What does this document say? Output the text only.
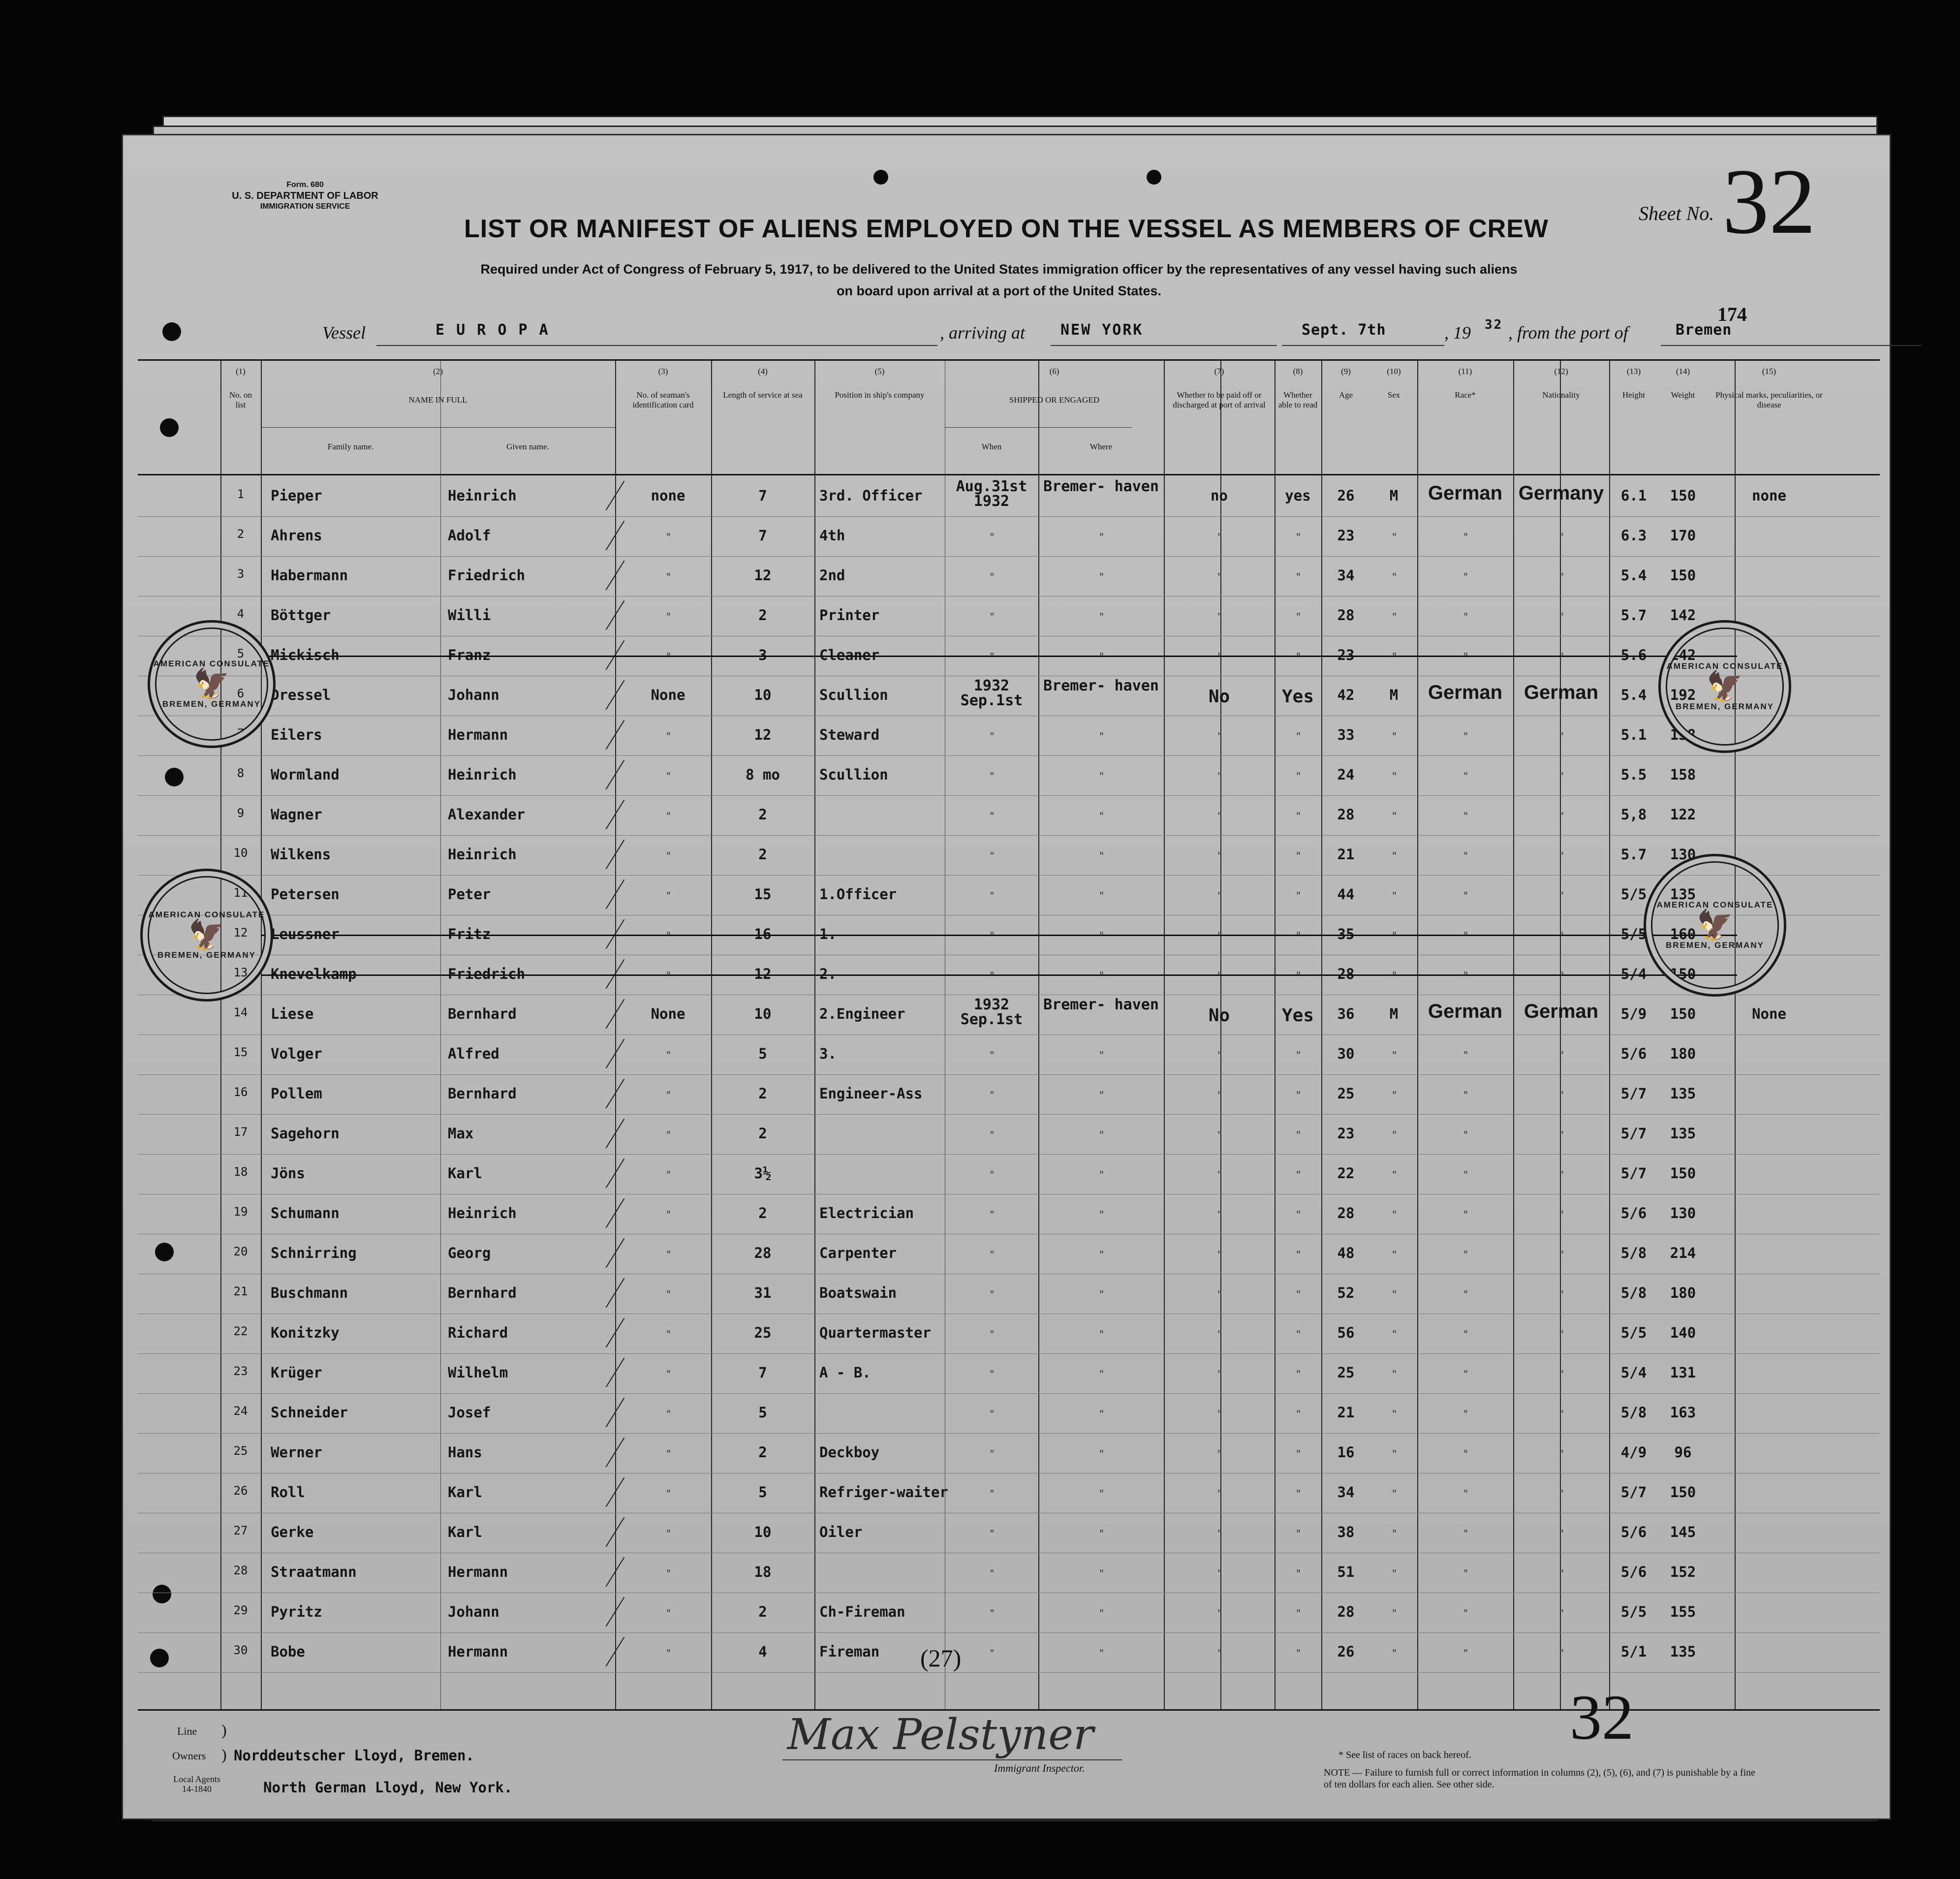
Form. 680
U. S. DEPARTMENT OF LABOR
IMMIGRATION SERVICE
LIST OR MANIFEST OF ALIENS EMPLOYED ON THE VESSEL AS MEMBERS OF CREW
Required under Act of Congress of February 5, 1917, to be delivered to the United States immigration officer by the representatives of any vessel having such aliens
on board upon arrival at a port of the United States.
Sheet No. 32
174
Vessel	E U R O P A	, arriving at NEW YORK	Sept. 7th	, 19 32 , from the port of	Bremen
(1)
No. on list
(2)
NAME IN FULL
(3)
No. of seaman's identification card
(4)
Length of service at sea
(5)
Position in ship's company
(6)
SHIPPED OR ENGAGED
(7)
Whether to be paid off or discharged at port of arrival
(8)
Whether able to read
(9)
Age
(10)
Sex
(11)
Race*
(12)
Nationality
(13)
Height
(14)
Weight
(15)
Physical marks, peculiarities, or disease
Family name.	Given name.	When	Where
1	Pieper	Heinrich	none	7	3rd. Officer
Aug.31st 1932
Bremer- haven
no	yes	26	M	German Germany	6.1	150	none
2	Ahrens	Adolf	"	7	4th	"	"	"	"	23	"	"	"	6.3	170
3	Habermann	Friedrich	"	12	2nd	"	"	"	"	34	"	"	"	5.4	150
4	Böttger	Willi	"	2	Printer	"	"	"	"	28	"	"	"	5.7	142
5	Mickisch	Franz	"	3	Cleaner	"	"	"	"	23	"	"	"	5.6	142
6	Dressel	Johann	None	10	Scullion
1932 Sep.1st
Bremer- haven
No	Yes	42	M	German	German	5.4	192
7	Eilers	Hermann	"	12	Steward	"	"	"	"	33	"	"	"	5.1	138
8	Wormland	Heinrich	"	8 mo	Scullion	"	"	"	"	24	"	"	"	5.5	158
9	Wagner	Alexander	"	2	"	"	"	"	28	"	"	"	5,8	122
10	Wilkens	Heinrich	"	2	"	"	"	"	21	"	"	"	5.7	130
11	Petersen	Peter	"	15	1.Officer	"	"	"	"	44	"	"	"	5/5	135
12	Leussner	Fritz	"	16	1.	"	"	"	"	35	"	"	"	5/5	160
13	Knevelkamp	Friedrich	"	12	2.	"	"	"	"	28	"	"	"	5/4	150
14	Liese	Bernhard	None	10	2.Engineer
1932 Sep.1st
Bremer- haven
No	Yes	36	M	German	German	5/9	150	None
15	Volger	Alfred	"	5	3.	"	"	"	"	30	"	"	"	5/6	180
16	Pollem	Bernhard	"	2	Engineer-Ass	"	"	"	"	25	"	"	"	5/7	135
17	Sagehorn	Max	"	2	"	"	"	"	23	"	"	"	5/7	135
18	Jöns	Karl	"	3½	"	"	"	"	22	"	"	"	5/7	150
19	Schumann	Heinrich	"	2	Electrician	"	"	"	"	28	"	"	"	5/6	130
20	Schnirring	Georg	"	28	Carpenter	"	"	"	"	48	"	"	"	5/8	214
21	Buschmann	Bernhard	"	31	Boatswain	"	"	"	"	52	"	"	"	5/8	180
22	Konitzky	Richard	"	25	Quartermaster	"	"	"	"	56	"	"	"	5/5	140
23	Krüger	Wilhelm	"	7	A - B.	"	"	"	"	25	"	"	"	5/4	131
24	Schneider	Josef	"	5	"	"	"	"	21	"	"	"	5/8	163
25	Werner	Hans	"	2	Deckboy	"	"	"	"	16	"	"	"	4/9	96
26	Roll	Karl	"	5	Refriger-waiter	"	"	"	"	34	"	"	"	5/7	150
27	Gerke	Karl	"	10	Oiler	"	"	"	"	38	"	"	"	5/6	145
28	Straatmann	Hermann	"	18	"	"	"	"	51	"	"	"	5/6	152
29	Pyritz	Johann	"	2	Ch-Fireman	"	"	"	"	28	"	"	"	5/5	155
30	Bobe	Hermann	"	4	Fireman	"	"	"	"	26	"	"	"	5/1	135
AMERICAN CONSULATE
🦅
BREMEN, GERMANY
AMERICAN CONSULATE
🦅
BREMEN, GERMANY
AMERICAN CONSULATE
🦅
BREMEN, GERMANY
AMERICAN CONSULATE
🦅
BREMEN, GERMANY
(27)
Line )
Owners ) Norddeutscher Lloyd, Bremen.
Local Agents
14-1840	North German Lloyd, New York.
Max Pelstyner
Immigrant Inspector.
* See list of races on back hereof.
NOTE — Failure to furnish full or correct information in columns (2), (5), (6), and (7) is punishable by a fine of ten dollars for each alien. See other side.
32
